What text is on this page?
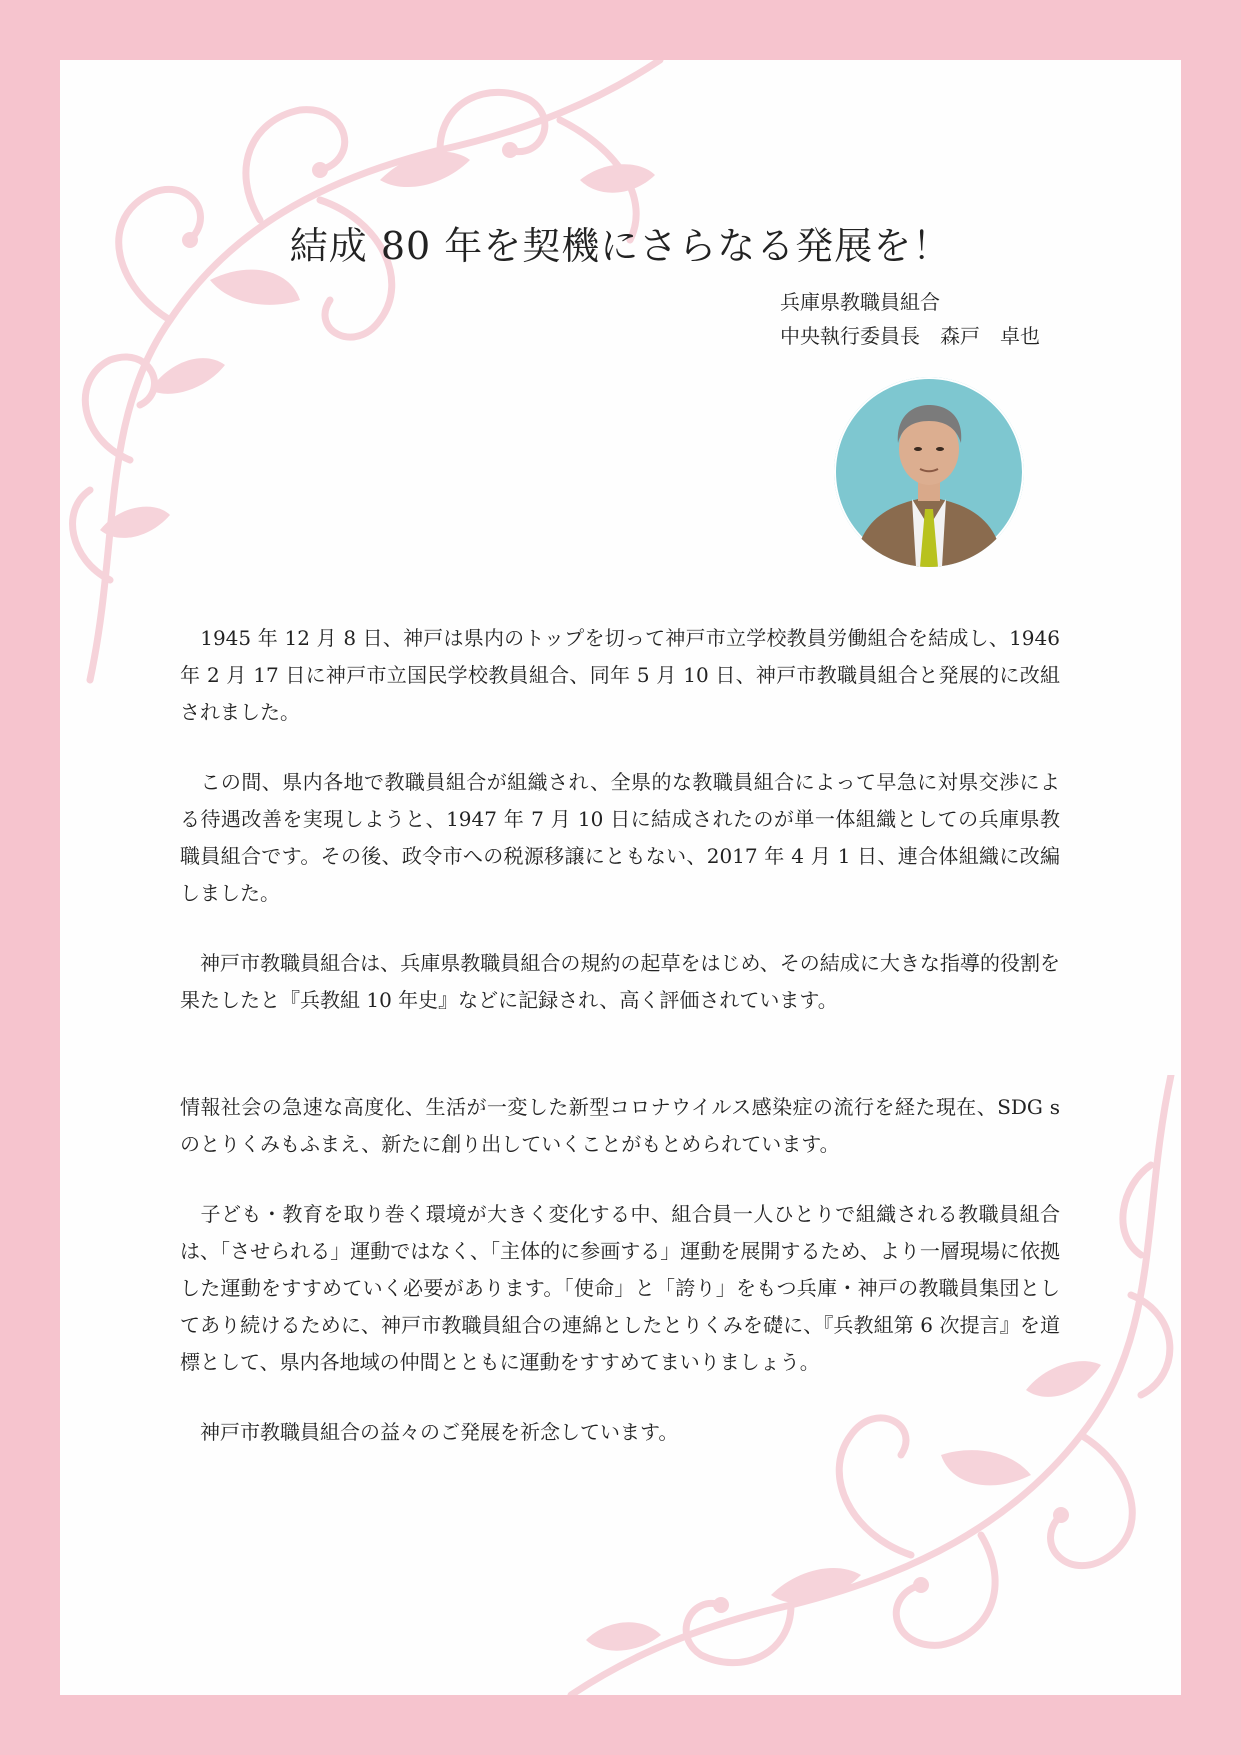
結成 80 年を契機にさらなる発展を！
兵庫県教職員組合
中央執行委員長　森戸　卓也

　1945 年 12 月 8 日、神戸は県内のトップを切って神戸市立学校教員労働組合を結成し、1946 年 2 月 17 日に神戸市立国民学校教員組合、同年 5 月 10 日、神戸市教職員組合と発展的に改組されました。

　この間、県内各地で教職員組合が組織され、全県的な教職員組合によって早急に対県交渉による待遇改善を実現しようと、1947 年 7 月 10 日に結成されたのが単一体組織としての兵庫県教職員組合です。その後、政令市への税源移譲にともない、2017 年 4 月 1 日、連合体組織に改編しました。

　神戸市教職員組合は、兵庫県教職員組合の規約の起草をはじめ、その結成に大きな指導的役割を果たしたと『兵教組 10 年史』などに記録され、高く評価されています。

情報社会の急速な高度化、生活が一変した新型コロナウイルス感染症の流行を経た現在、SDG s のとりくみもふまえ、新たに創り出していくことがもとめられています。

　子ども・教育を取り巻く環境が大きく変化する中、組合員一人ひとりで組織される教職員組合は、「させられる」運動ではなく、「主体的に参画する」運動を展開するため、より一層現場に依拠した運動をすすめていく必要があります。「使命」と「誇り」をもつ兵庫・神戸の教職員集団としてあり続けるために、神戸市教職員組合の連綿としたとりくみを礎に、『兵教組第 6 次提言』を道標として、県内各地域の仲間とともに運動をすすめてまいりましょう。

　神戸市教職員組合の益々のご発展を祈念しています。
